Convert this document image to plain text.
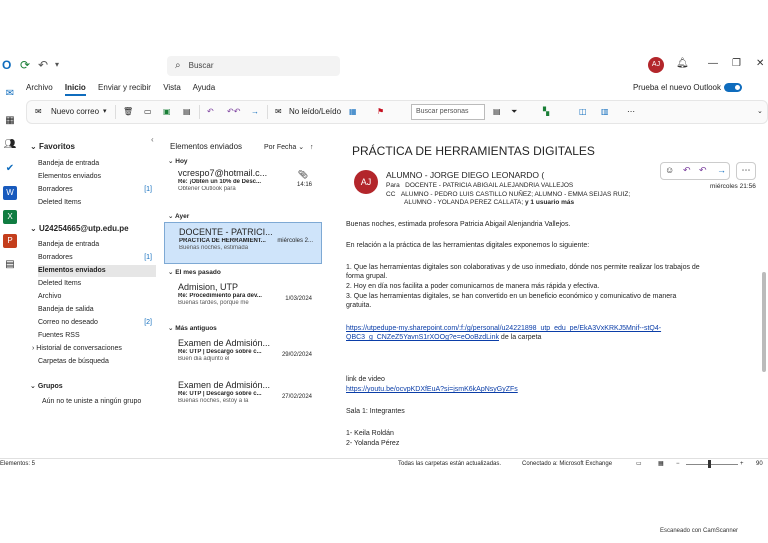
O ⟳ ↶ ▾	⌕ Buscar	AJ	🔔︎ — ❐ ✕
Archivo Inicio Enviar y recibir Vista Ayuda	Prueba el nuevo Outlook
✉ Nuevo correo ▾ 🗑︎ ▭ ▣ ▤ ↶ ↶↶ → ✉ No leído/Leído ▦	⚑	Buscar personas	▤ ⏷	▚	◫ ▥ ⋯	⌄
✉
▦
👥︎
✔
W
X
P
▤
‹
⌄ Favoritos
Bandeja de entrada
Elementos enviados
Borradores	[1]
Deleted Items
⌄ U24254665@utp.edu.pe
Bandeja de entrada
Borradores	[1]
Elementos enviados
Deleted Items
Archivo
Bandeja de salida
Correo no deseado	[2]
Fuentes RSS
› Historial de conversaciones
Carpetas de búsqueda
⌄ Grupos
Aún no te uniste a ningún grupo
Elementos enviados	Por Fecha ⌄   ↑
⌄ Hoy
vcrespo7@hotmail.c...
Re: ¡Obtén un 10% de Desc...
Obtener Outlook para
📎︎
14:16
⌄ Ayer
DOCENTE - PATRICI...
PRÁCTICA DE HERRAMIENT...
Buenas noches, estimada
miércoles 2...
⌄ El mes pasado
Admision, UTP
Re: Procedimiento para dev...
Buenas tardes, porque me
1/03/2024
⌄ Más antiguos
Examen de Admisión...
Re: UTP | Descargo sobre c...
Buen dia adjunto el
29/02/2024
Examen de Admisión...
Re: UTP | Descargo sobre c...
Buenas noches, estoy a la
27/02/2024
PRÁCTICA DE HERRAMIENTAS DIGITALES
AJ
ALUMNO - JORGE DIEGO LEONARDO (
Para DOCENTE - PATRICIA ABIGAIL ALEJANDRIA VALLEJOS
CC ALUMNO - PEDRO LUIS CASTILLO NUÑEZ; ALUMNO - EMMA SEIJAS RUIZ;
ALUMNO - YOLANDA PEREZ CALLATA; y 1 usuario más
☺ ↶ ↶ →	⋯
miércoles 21:56

Buenas noches, estimada profesora Patricia Abigail Alenjandria Vallejos.

En relación a la práctica de las herramientas digitales exponemos lo siguiente:

1. Que las herramientas digitales son colaborativas y de uso inmediato, dónde nos permite realizar los trabajos de

forma grupal.

2. Hoy en día nos facilita a poder comunicarnos de manera más rápida y efectiva.

3. Que las herramientas digitales, se han convertido en un beneficio económico y comunicativo de manera

gratuita.

https://utpedupe-my.sharepoint.com/:f:/g/personal/u24221898_utp_edu_pe/EkA3VxKRKJ5Mnif--stQ4-

QBC3_g_CNZeZ5YavnS1rXOOg?e=eOoBzdLink de la carpeta

link de video

https://youtu.be/ocvpKDXfEuA?si=jsmK6kApNsyGyZFs

Sala 1: Integrantes

1- Keila Roldán

2- Yolanda Pérez

Elementos: 5	Todas las carpetas están actualizadas.	Conectado a: Microsoft Exchange	▭	▦ −	+ 90
Escaneado con CamScanner
